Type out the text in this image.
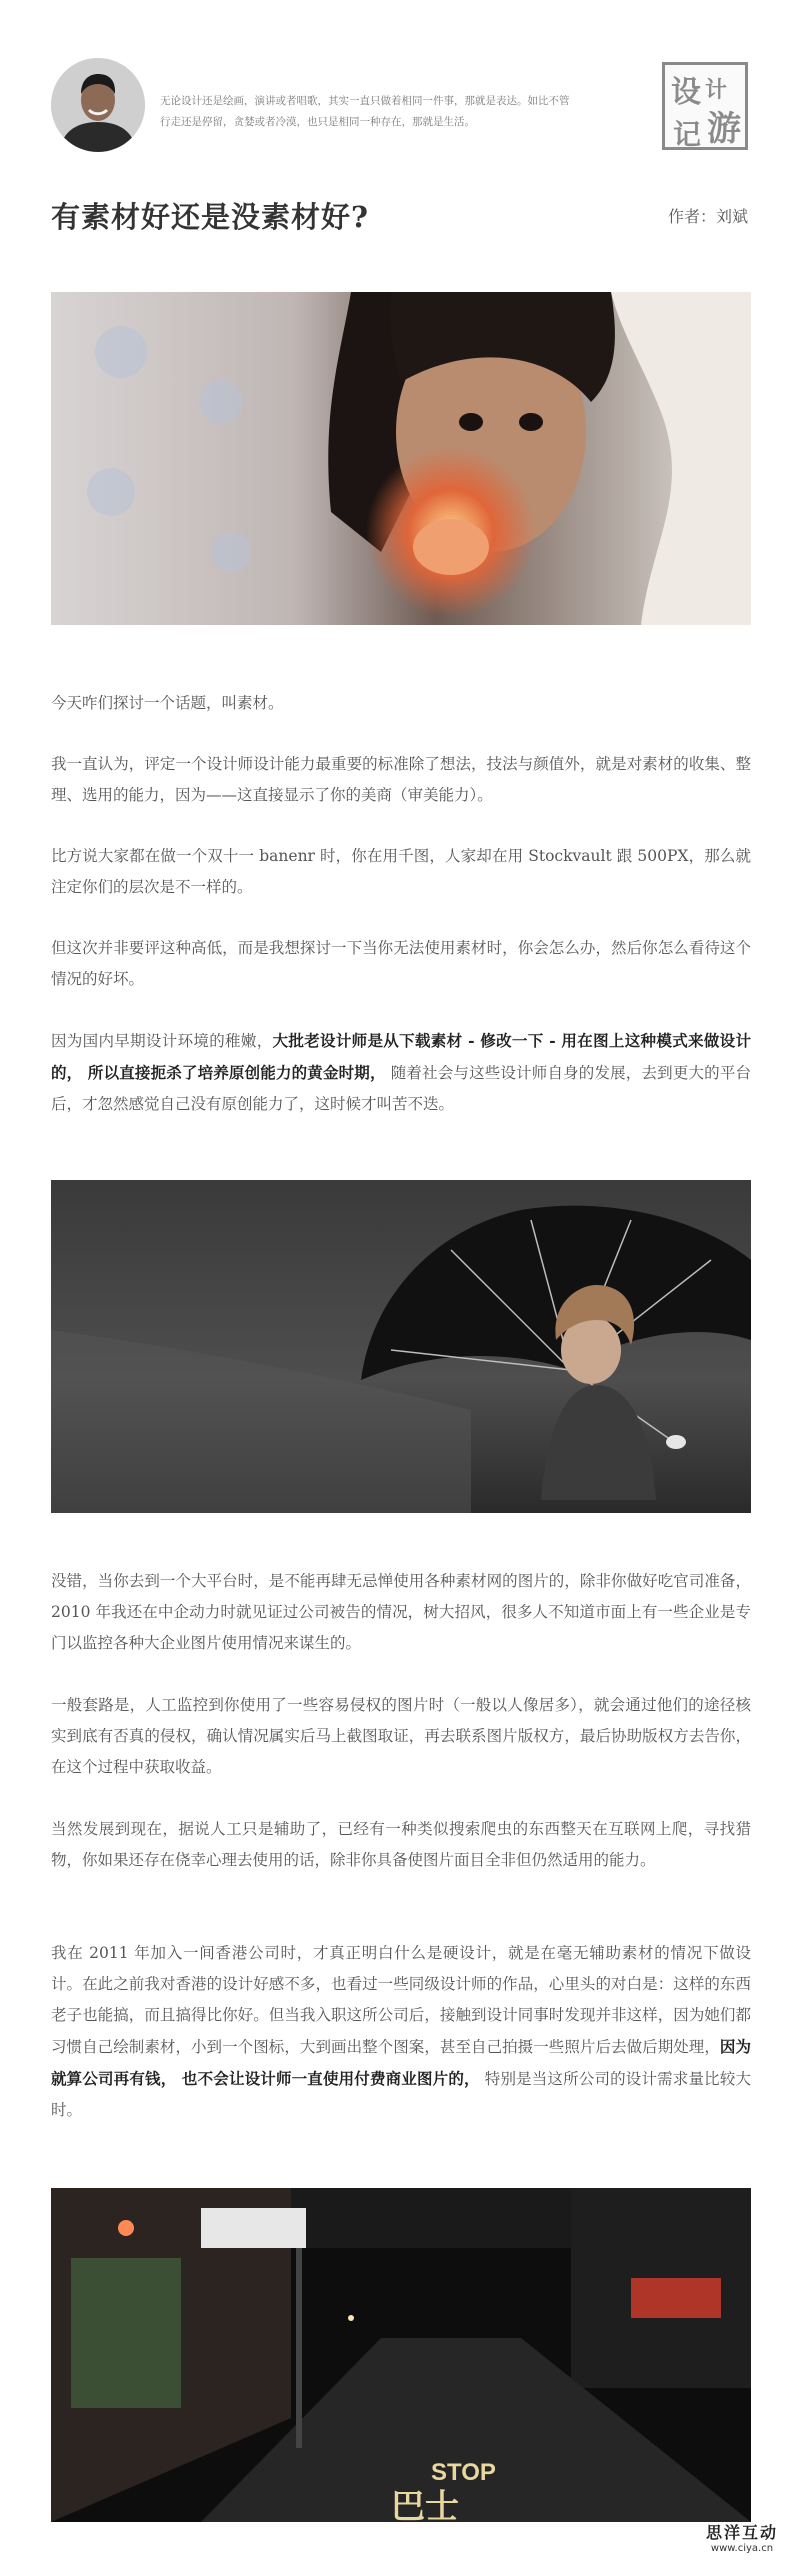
无论设计还是绘画，演讲或者唱歌，其实一直只做着相同一件事，那就是表达。如比不管行走还是停留，贪婪或者冷漠，也只是相同一种存在，那就是生活。

设 计
游
记
有素材好还是没素材好?	作者：刘斌

今天咋们探讨一个话题，叫素材。

我一直认为，评定一个设计师设计能力最重要的标准除了想法，技法与颜值外，就是对素材的收集、整理、选用的能力，因为——这直接显示了你的美商（审美能力）。

比方说大家都在做一个双十一 banenr 时，你在用千图，人家却在用 Stockvault 跟 500PX，那么就注定你们的层次是不一样的。

但这次并非要评这种高低，而是我想探讨一下当你无法使用素材时，你会怎么办，然后你怎么看待这个情况的好坏。

因为国内早期设计环境的稚嫩，大批老设计师是从下载素材 - 修改一下 - 用在图上这种模式来做设计的， 所以直接扼杀了培养原创能力的黄金时期， 随着社会与这些设计师自身的发展，去到更大的平台后，才忽然感觉自己没有原创能力了，这时候才叫苦不迭。

没错，当你去到一个大平台时，是不能再肆无忌惮使用各种素材网的图片的，除非你做好吃官司准备，2010 年我还在中企动力时就见证过公司被告的情况，树大招风，很多人不知道市面上有一些企业是专门以监控各种大企业图片使用情况来谋生的。

一般套路是，人工监控到你使用了一些容易侵权的图片时（一般以人像居多），就会通过他们的途径核实到底有否真的侵权，确认情况属实后马上截图取证，再去联系图片版权方，最后协助版权方去告你，在这个过程中获取收益。

当然发展到现在，据说人工只是辅助了，已经有一种类似搜索爬虫的东西整天在互联网上爬，寻找猎物，你如果还存在侥幸心理去使用的话，除非你具备使图片面目全非但仍然适用的能力。

我在 2011 年加入一间香港公司时，才真正明白什么是硬设计，就是在毫无辅助素材的情况下做设计。在此之前我对香港的设计好感不多，也看过一些同级设计师的作品，心里头的对白是：这样的东西老子也能搞，而且搞得比你好。但当我入职这所公司后，接触到设计同事时发现并非这样，因为她们都习惯自己绘制素材，小到一个图标，大到画出整个图案，甚至自己拍摄一些照片后去做后期处理，因为就算公司再有钱， 也不会让设计师一直使用付费商业图片的， 特别是当这所公司的设计需求量比较大时。

STOP
巴士
思洋互动
www.ciya.cn
